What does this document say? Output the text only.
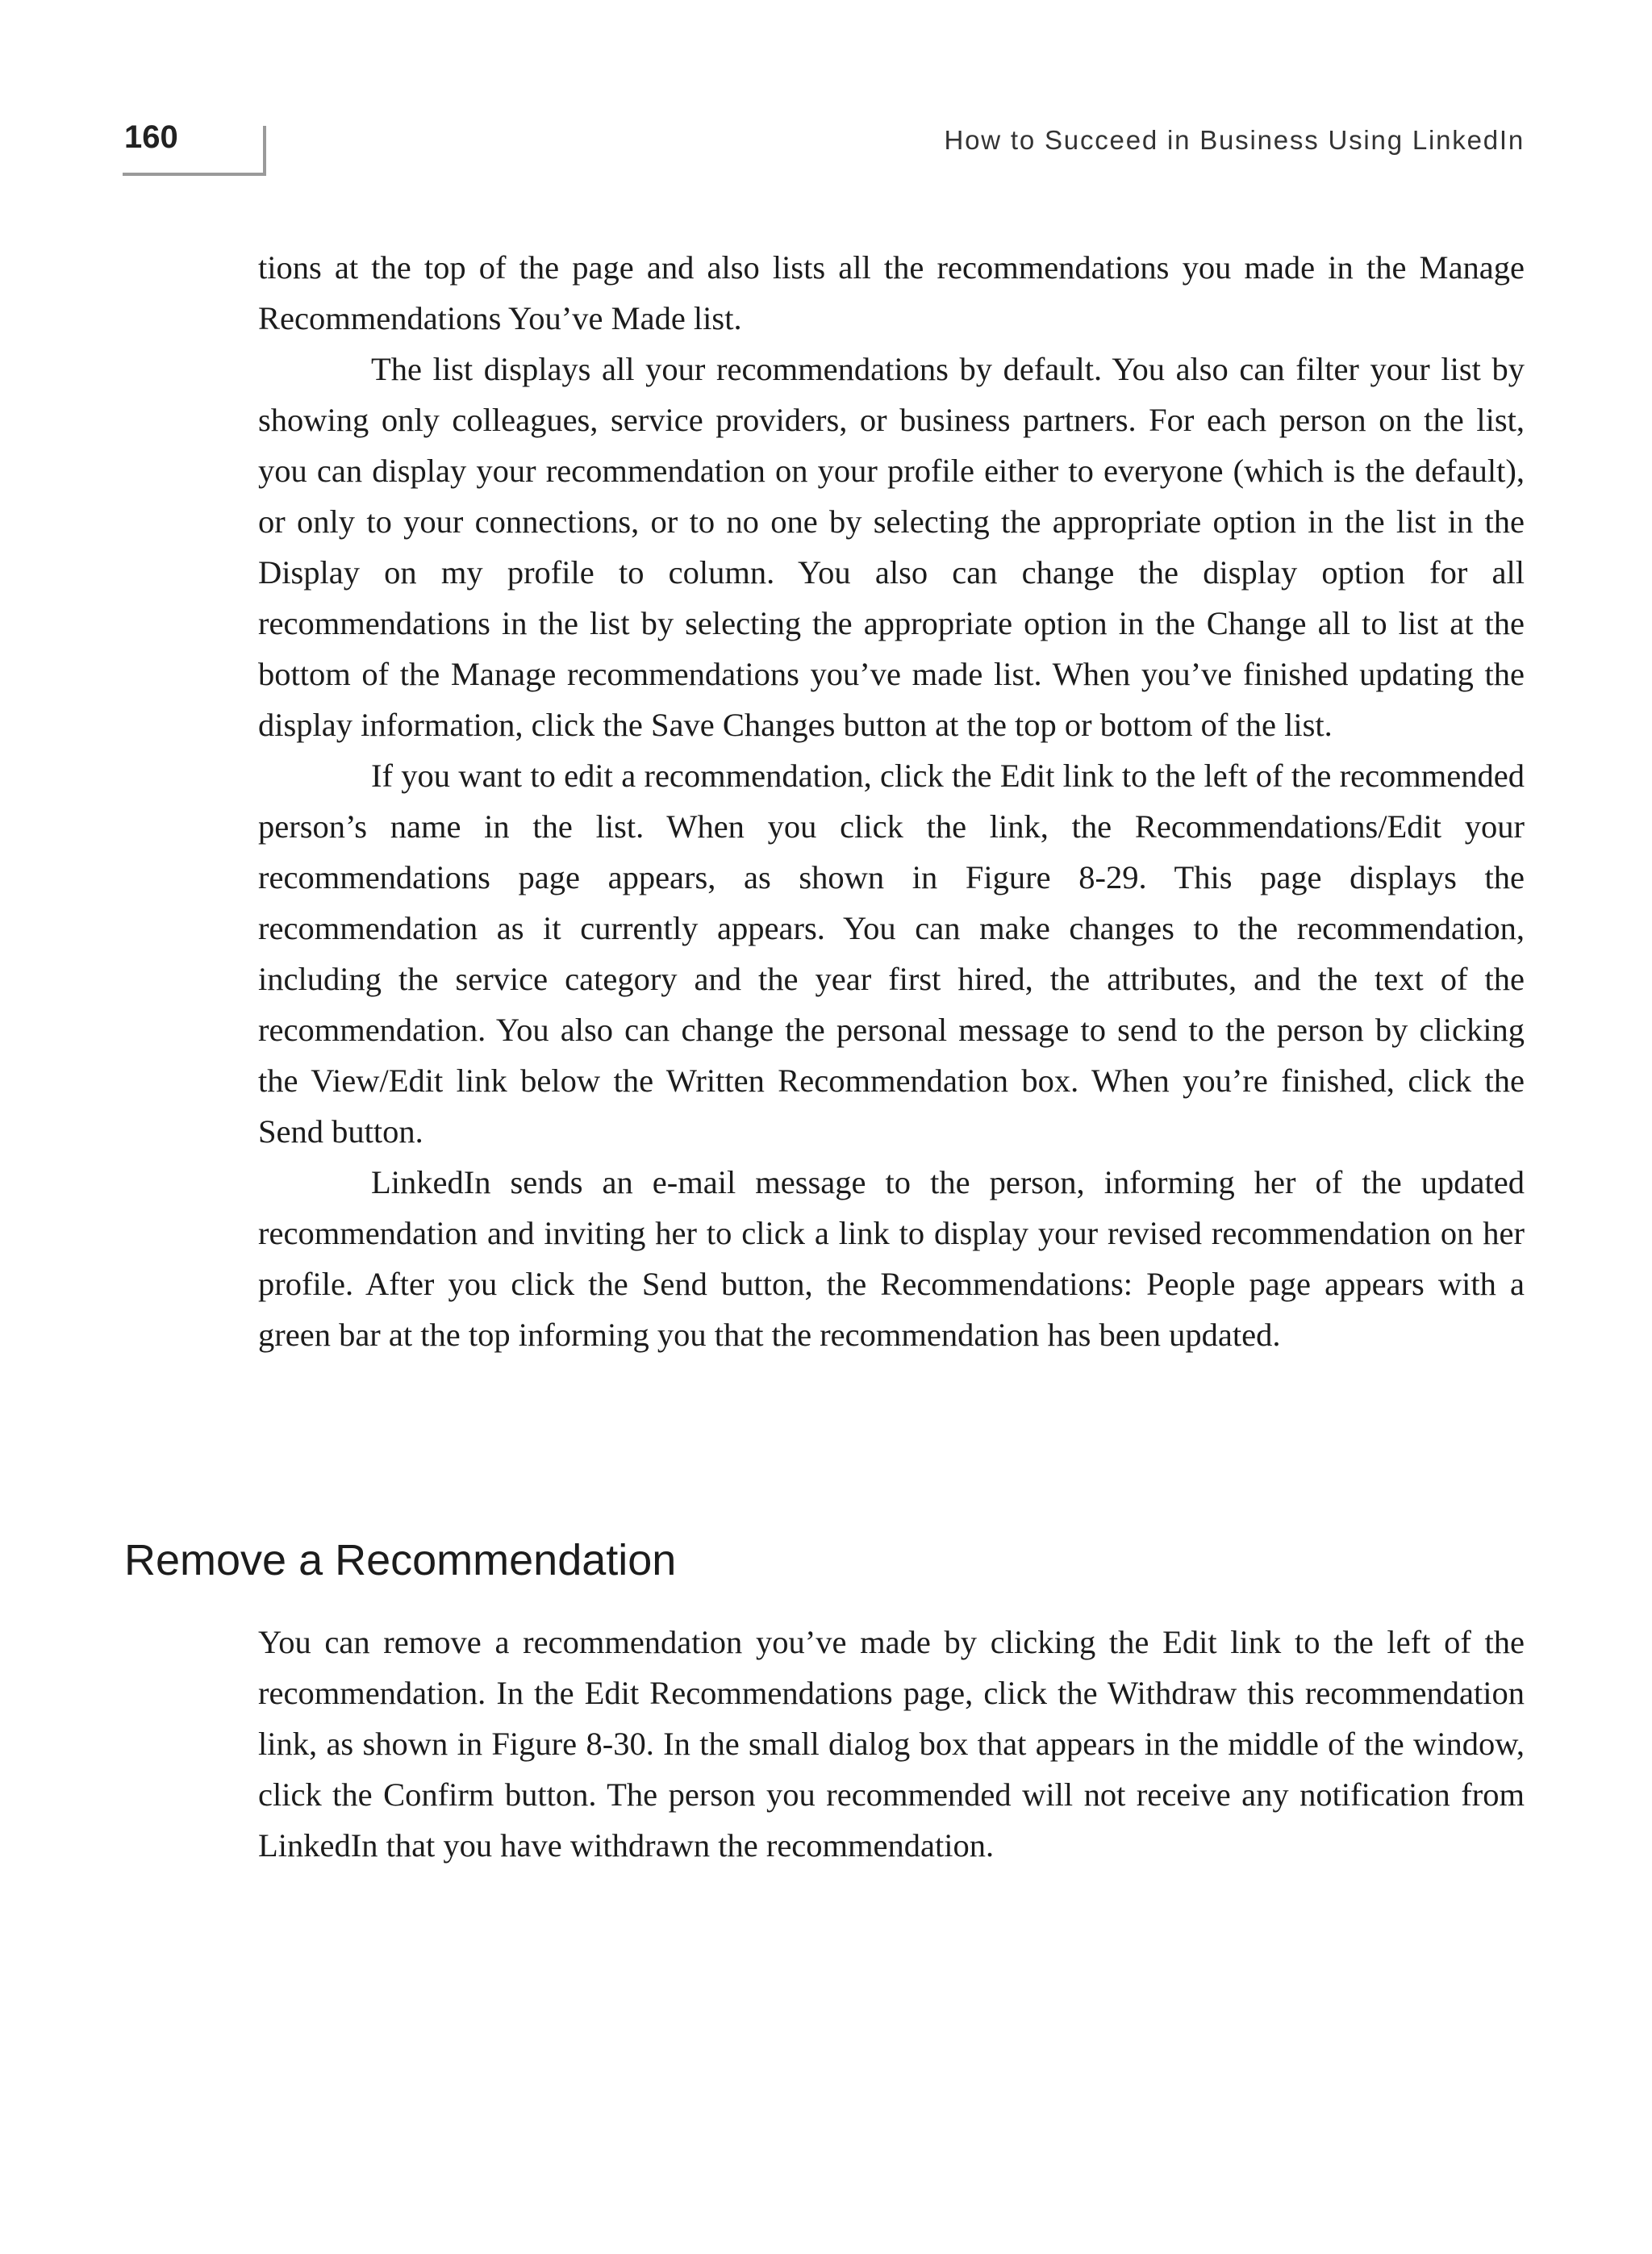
160	How to Succeed in Business Using LinkedIn

tions at the top of the page and also lists all the recommendations you made in the Manage Recommendations You’ve Made list.

The list displays all your recommendations by default. You also can filter your list by showing only colleagues, service providers, or business partners. For each person on the list, you can display your recommendation on your profile either to everyone (which is the default), or only to your connections, or to no one by selecting the appropriate option in the list in the Display on my profile to column. You also can change the display option for all recommendations in the list by selecting the appropriate option in the Change all to list at the bottom of the Manage recommendations you’ve made list. When you’ve finished updating the display information, click the Save Changes button at the top or bottom of the list.

If you want to edit a recommendation, click the Edit link to the left of the recommended person’s name in the list. When you click the link, the Recommendations/Edit your recommendations page appears, as shown in Figure 8-29. This page displays the recommendation as it currently appears. You can make changes to the recommendation, including the service category and the year first hired, the attributes, and the text of the recommendation. You also can change the personal message to send to the person by clicking the View/Edit link below the Written Recommendation box. When you’re finished, click the Send button.

LinkedIn sends an e-mail message to the person, informing her of the updated recommendation and inviting her to click a link to display your revised recommendation on her profile. After you click the Send button, the Recommendations: People page appears with a green bar at the top informing you that the recommendation has been updated.

Remove a Recommendation

You can remove a recommendation you’ve made by clicking the Edit link to the left of the recommendation. In the Edit Recommendations page, click the Withdraw this recommendation link, as shown in Figure 8-30. In the small dialog box that appears in the middle of the window, click the Confirm button. The person you recommended will not receive any notification from LinkedIn that you have withdrawn the recommendation.
